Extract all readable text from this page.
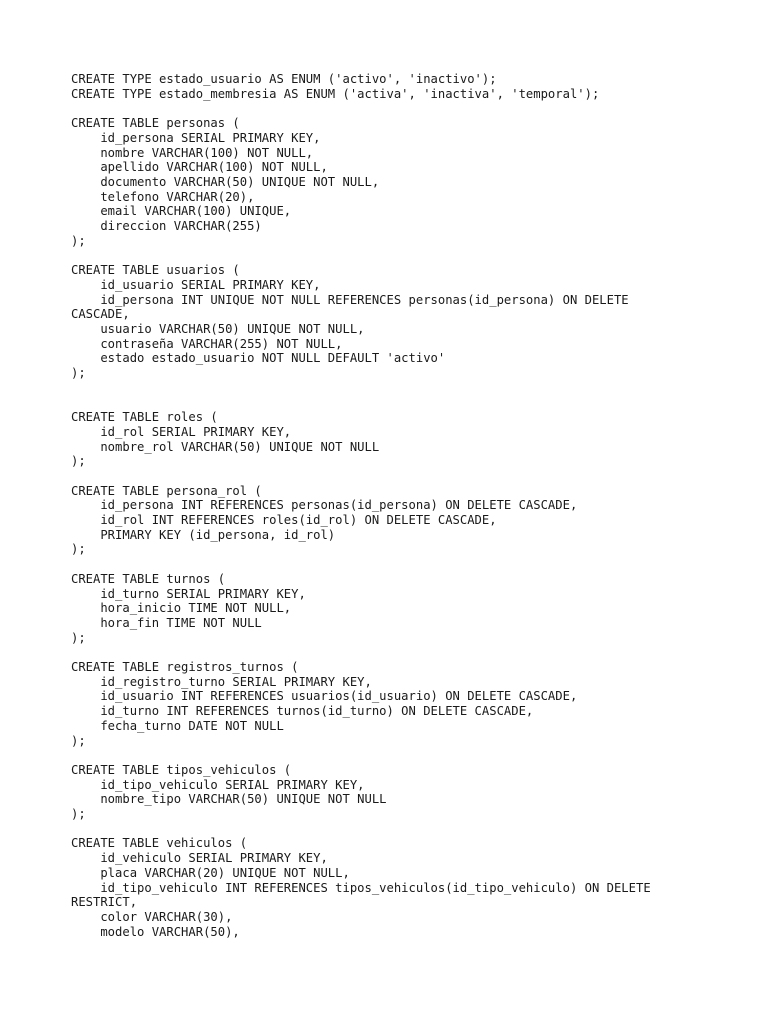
CREATE TYPE estado_usuario AS ENUM ('activo', 'inactivo');
CREATE TYPE estado_membresia AS ENUM ('activa', 'inactiva', 'temporal');
CREATE TABLE personas (
id_persona SERIAL PRIMARY KEY,
nombre VARCHAR(100) NOT NULL,
apellido VARCHAR(100) NOT NULL,
documento VARCHAR(50) UNIQUE NOT NULL,
telefono VARCHAR(20),
email VARCHAR(100) UNIQUE,
direccion VARCHAR(255)
);
CREATE TABLE usuarios (
id_usuario SERIAL PRIMARY KEY,
id_persona INT UNIQUE NOT NULL REFERENCES personas(id_persona) ON DELETE
CASCADE,
usuario VARCHAR(50) UNIQUE NOT NULL,
contraseña VARCHAR(255) NOT NULL,
estado estado_usuario NOT NULL DEFAULT 'activo'
);
CREATE TABLE roles (
id_rol SERIAL PRIMARY KEY,
nombre_rol VARCHAR(50) UNIQUE NOT NULL
);
CREATE TABLE persona_rol (
id_persona INT REFERENCES personas(id_persona) ON DELETE CASCADE,
id_rol INT REFERENCES roles(id_rol) ON DELETE CASCADE,
PRIMARY KEY (id_persona, id_rol)
);
CREATE TABLE turnos (
id_turno SERIAL PRIMARY KEY,
hora_inicio TIME NOT NULL,
hora_fin TIME NOT NULL
);
CREATE TABLE registros_turnos (
id_registro_turno SERIAL PRIMARY KEY,
id_usuario INT REFERENCES usuarios(id_usuario) ON DELETE CASCADE,
id_turno INT REFERENCES turnos(id_turno) ON DELETE CASCADE,
fecha_turno DATE NOT NULL
);
CREATE TABLE tipos_vehiculos (
id_tipo_vehiculo SERIAL PRIMARY KEY,
nombre_tipo VARCHAR(50) UNIQUE NOT NULL
);
CREATE TABLE vehiculos (
id_vehiculo SERIAL PRIMARY KEY,
placa VARCHAR(20) UNIQUE NOT NULL,
id_tipo_vehiculo INT REFERENCES tipos_vehiculos(id_tipo_vehiculo) ON DELETE
RESTRICT,
color VARCHAR(30),
modelo VARCHAR(50),
